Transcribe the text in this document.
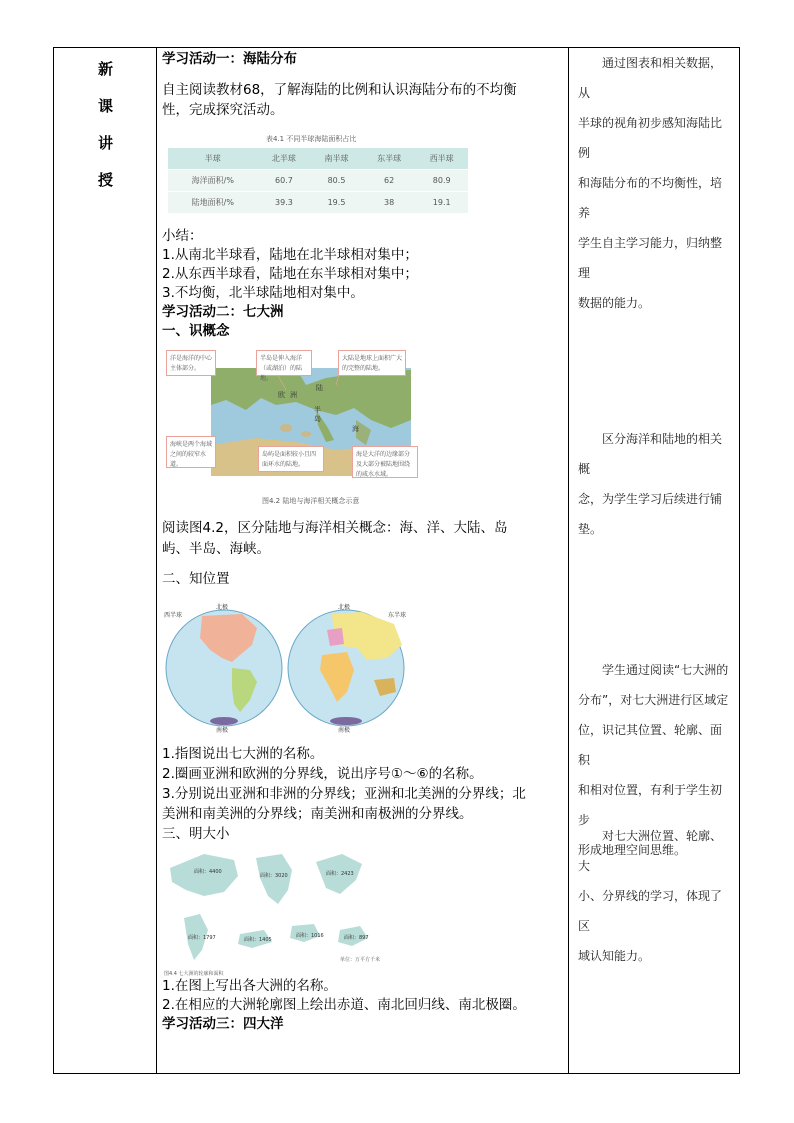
新
课
讲
授
学习活动一：海陆分布
自主阅读教材68，了解海陆的比例和认识海陆分布的不均衡
性，完成探究活动。
表4.1 不同半球海陆面积占比
半球	北半球	南半球	东半球	西半球
海洋面积/%	60.7	80.5	62	80.9
陆地面积/%	39.3	19.5	38	19.1
小结：
1.从南北半球看，陆地在北半球相对集中；
2.从东西半球看，陆地在东半球相对集中；
3.不均衡，北半球陆地相对集中。
学习活动二：七大洲
一、识概念
洋是海洋的中心主体部分。
半岛是伸入海洋（或湖泊）的陆地。
大陆是地球上面积广大的完整的陆地。
海峡是两个海域之间的较窄水道。
岛屿是面积较小且四面环水的陆地。
海是大洋的边缘部分及大部分被陆地围绕的咸水水域。
欧 洲
陆
半
岛
海
图4.2 陆地与海洋相关概念示意
阅读图4.2，区分陆地与海洋相关概念：海、洋、大陆、岛
屿、半岛、海峡。
二、知位置
西半球
北极	北极
东半球
南极	南极
1.指图说出七大洲的名称。
2.圈画亚洲和欧洲的分界线，说出序号①～⑥的名称。
3.分别说出亚洲和非洲的分界线；亚洲和北美洲的分界线；北
美洲和南美洲的分界线；南美洲和南极洲的分界线。
三、明大小
面积：4400
面积：3020	面积：2423
面积：1797	面积：1405
面积：1016	面积：897
单位：万平方千米
图4.4 七大洲的轮廓和面积
1.在图上写出各大洲的名称。
2.在相应的大洲轮廓图上绘出赤道、南北回归线、南北极圈。
学习活动三：四大洋
通过图表和相关数据，从
半球的视角初步感知海陆比例
和海陆分布的不均衡性，培养
学生自主学习能力，归纳整理
数据的能力。
区分海洋和陆地的相关概
念，为学生学习后续进行铺
垫。
学生通过阅读“七大洲的
分布”，对七大洲进行区域定
位，识记其位置、轮廓、面积
和相对位置，有利于学生初步
形成地理空间思维。
对七大洲位置、轮廓、大
小、分界线的学习，体现了区
域认知能力。
